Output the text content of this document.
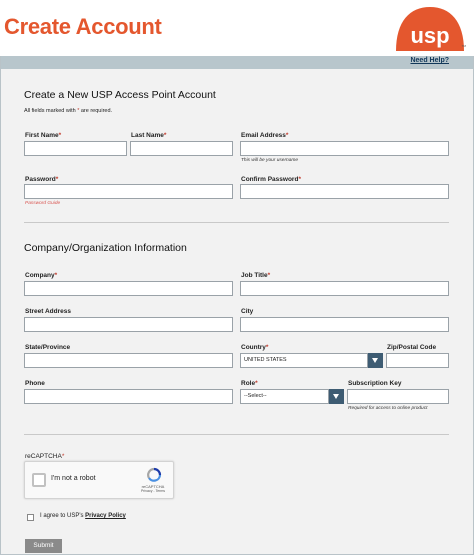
Create Account	usp	TM
Need Help?
Create a New USP Access Point Account
All fields marked with * are required.
First Name*	Last Name*	Email Address*
This will be your username
Password*	Confirm Password*
Password Guide
Company/Organization Information
Company*	Job Title*
Street Address	City
State/Province	Country*	Zip/Postal Code
UNITED STATES
Phone	Role*	Subscription Key
--Select--
Required for access to online product
reCAPTCHA*
I'm not a robot
reCAPTCHA
Privacy - Terms
I agree to USP's Privacy Policy
Submit
